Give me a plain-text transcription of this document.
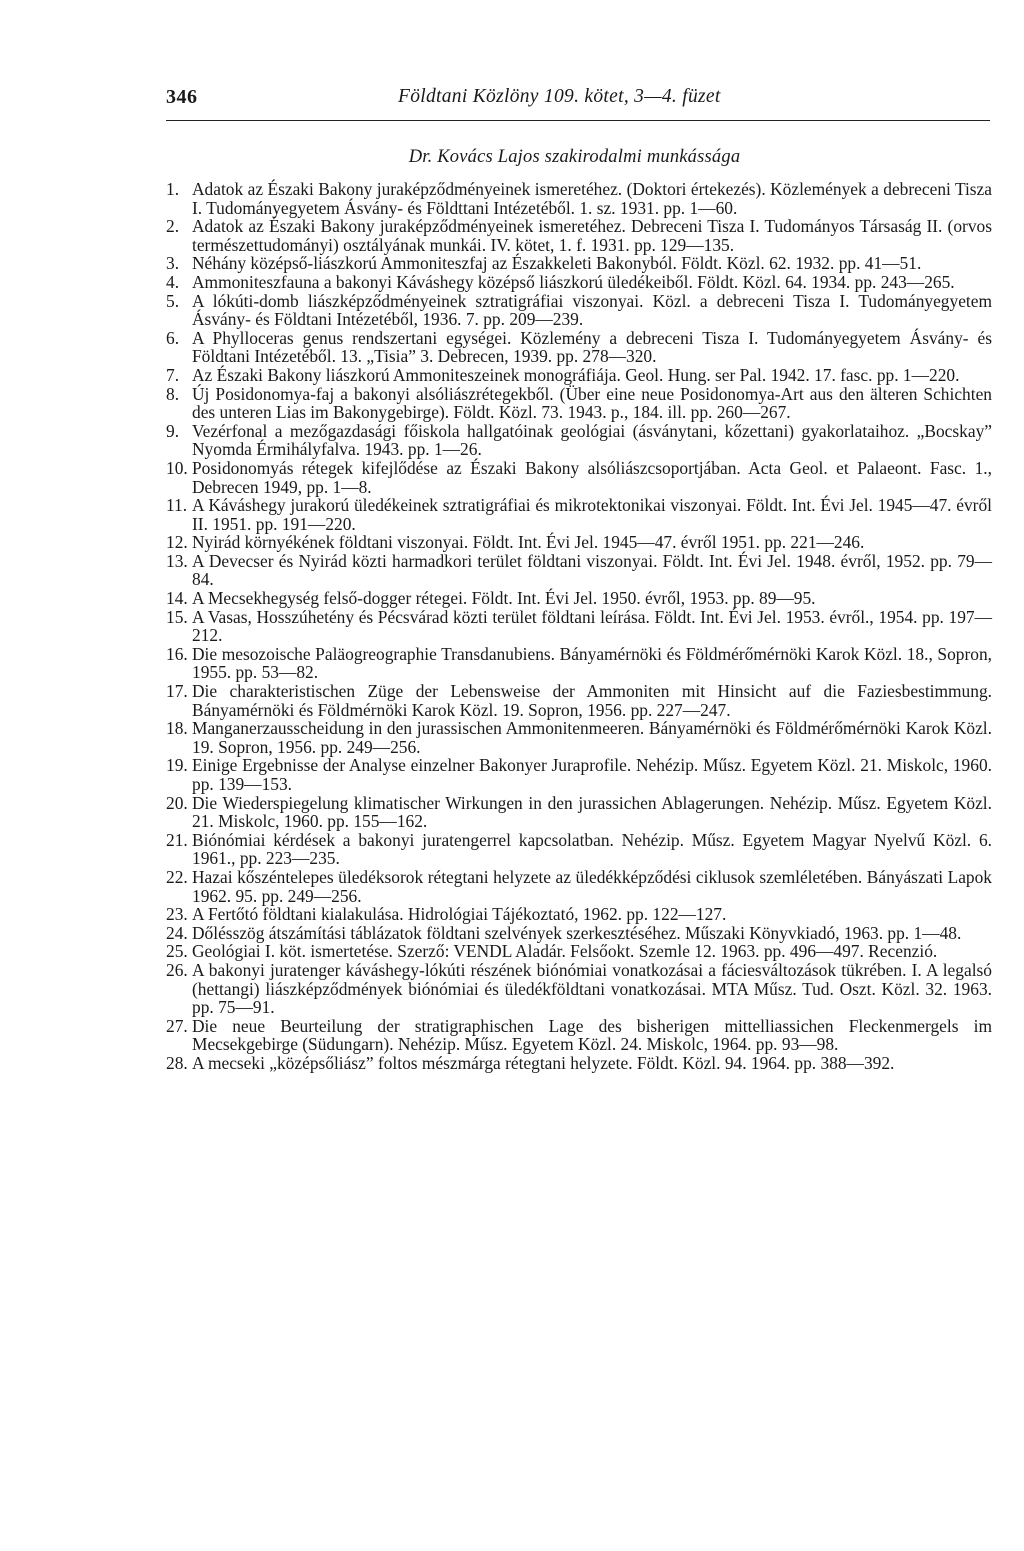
346	Földtani Közlöny 109. kötet, 3—4. füzet
Dr. Kovács Lajos szakirodalmi munkássága
1. Adatok az Északi Bakony juraképződményeinek ismeretéhez. (Doktori értekezés). Közlemények a debreceni Tisza I. Tudományegyetem Ásvány- és Földttani Intézetéből. 1. sz. 1931. pp. 1—60.
2. Adatok az Északi Bakony juraképződményeinek ismeretéhez. Debreceni Tisza I. Tudományos Társaság II. (orvos természettudományi) osztályának munkái. IV. kötet, 1. f. 1931. pp. 129—135.
3. Néhány középső-liászkorú Ammoniteszfaj az Északkeleti Bakonyból. Földt. Közl. 62. 1932. pp. 41—51.
4. Ammoniteszfauna a bakonyi Kávásheg​y középső liászkorú üledékeiből. Földt. Közl. 64. 1934. pp. 243—265.
5. A lókúti-domb liászképződményeinek sztratigráfiai viszonyai. Közl. a debreceni Tisza I. Tudományegyetem Ásvány- és Földtani Intézetéből, 1936. 7. pp. 209—239.
6. A Phylloceras genus rendszertani egységei. Közlemény a debreceni Tisza I. Tudományegyetem Ásvány- és Földtani Intézetéből. 13. „Tisia” 3. Debrecen, 1939. pp. 278—320.
7. Az Északi Bakony liászkorú Ammoniteszeinek monográfiája. Geol. Hung. ser Pal. 1942. 17. fasc. pp. 1—220.
8. Új Posidonomya-faj a bakonyi alsóliászrétegekből. (Über eine neue Posidonomya-Art aus den älteren Schichten des unteren Lias im Bakonygebirge). Földt. Közl. 73. 1943. p., 184. ill. pp. 260—267.
9. Vezérfonal a mezőgazdasági főiskola hallgatóinak geológiai (ásványtani, kőzettani) gyakorlataihoz. „Bocskay” Nyomda Érmihályfalva. 1943. pp. 1—26.
10. Posidonomyás rétegek kifejlődése az Északi Bakony alsóliászcsoportjában. Acta Geol. et Palaeont. Fasc. 1., Debrecen 1949, pp. 1—8.
11. A Kávásheg​y jurakorú üledékeinek sztratigráfiai és mikrotektonikai viszonyai. Földt. Int. Évi Jel. 1945—47. évről II. 1951. pp. 191—220.
12. Nyirád környékének földtani viszonyai. Földt. Int. Évi Jel. 1945—47. évről 1951. pp. 221—246.
13. A Devecser és Nyirád közti harmadkori terület földtani viszonyai. Földt. Int. Évi Jel. 1948. évről, 1952. pp. 79—84.
14. A Mecsekhegység felső-dogger rétegei. Földt. Int. Évi Jel. 1950. évről, 1953. pp. 89—95.
15. A Vasas, Hosszúhetény és Pécsvárad közti terület földtani leírása. Földt. Int. Évi Jel. 1953. évről., 1954. pp. 197—212.
16. Die mesozoische Paläogreographie Transdanubiens. Bányamérnöki és Földmérőmérnöki Karok Közl. 18., Sopron, 1955. pp. 53—82.
17. Die charakteristischen Züge der Lebensweise der Ammoniten mit Hinsicht auf die Faziesbestimmung. Bányamérnöki és Földmérnöki Karok Közl. 19. Sopron, 1956. pp. 227—247.
18. Manganerzausscheidung in den jurassischen Ammonitenmeeren. Bányamérnöki és Földmérőmérnöki Karok Közl. 19. Sopron, 1956. pp. 249—256.
19. Einige Ergebnisse der Analyse einzelner Bakonyer Juraprofile. Nehézip. Műsz. Egyetem Közl. 21. Miskolc, 1960. pp. 139—153.
20. Die Wiederspiegelung klimatischer Wirkungen in den jurassichen Ablagerungen. Nehézip. Műsz. Egyetem Közl. 21. Miskolc, 1960. pp. 155—162.
21. Biónómiai kérdések a bakonyi juratengerrel kapcsolatban. Nehézip. Műsz. Egyetem Magyar Nyelvű Közl. 6. 1961., pp. 223—235.
22. Hazai kőszéntelepes üledéksorok rétegtani helyzete az üledékképződési ciklusok szemléletében. Bányászati Lapok 1962. 95. pp. 249—256.
23. A Fertőtó földtani kialakulása. Hidrológiai Tájékoztató, 1962. pp. 122—127.
24. Dőlésszög átszámítási táblázatok földtani szelvények szerkesztéséhez. Műszaki Könyvkiadó, 1963. pp. 1—48.
25. Geológiai I. köt. ismertetése. Szerző: VENDL Aladár. Felsőokt. Szemle 12. 1963. pp. 496—497. Recenzió.
26. A bakonyi juratenger kávásheg​y-lókúti részének biónómiai vonatkozásai a fáciesváltozások tükrében. I. A legalsó (hettangi) liászképződmények biónómiai és üledékföldtani vonatkozásai. MTA Műsz. Tud. Oszt. Közl. 32. 1963. pp. 75—91.
27. Die neue Beurteilung der stratigraphischen Lage des bisherigen mittelliassichen Fleckenmergels im Mecsekgebirge (Südungarn). Nehézip. Műsz. Egyetem Közl. 24. Miskolc, 1964. pp. 93—98.
28. A mecseki „középsőliász” foltos mészmárga rétegtani helyzete. Földt. Közl. 94. 1964. pp. 388—392.
